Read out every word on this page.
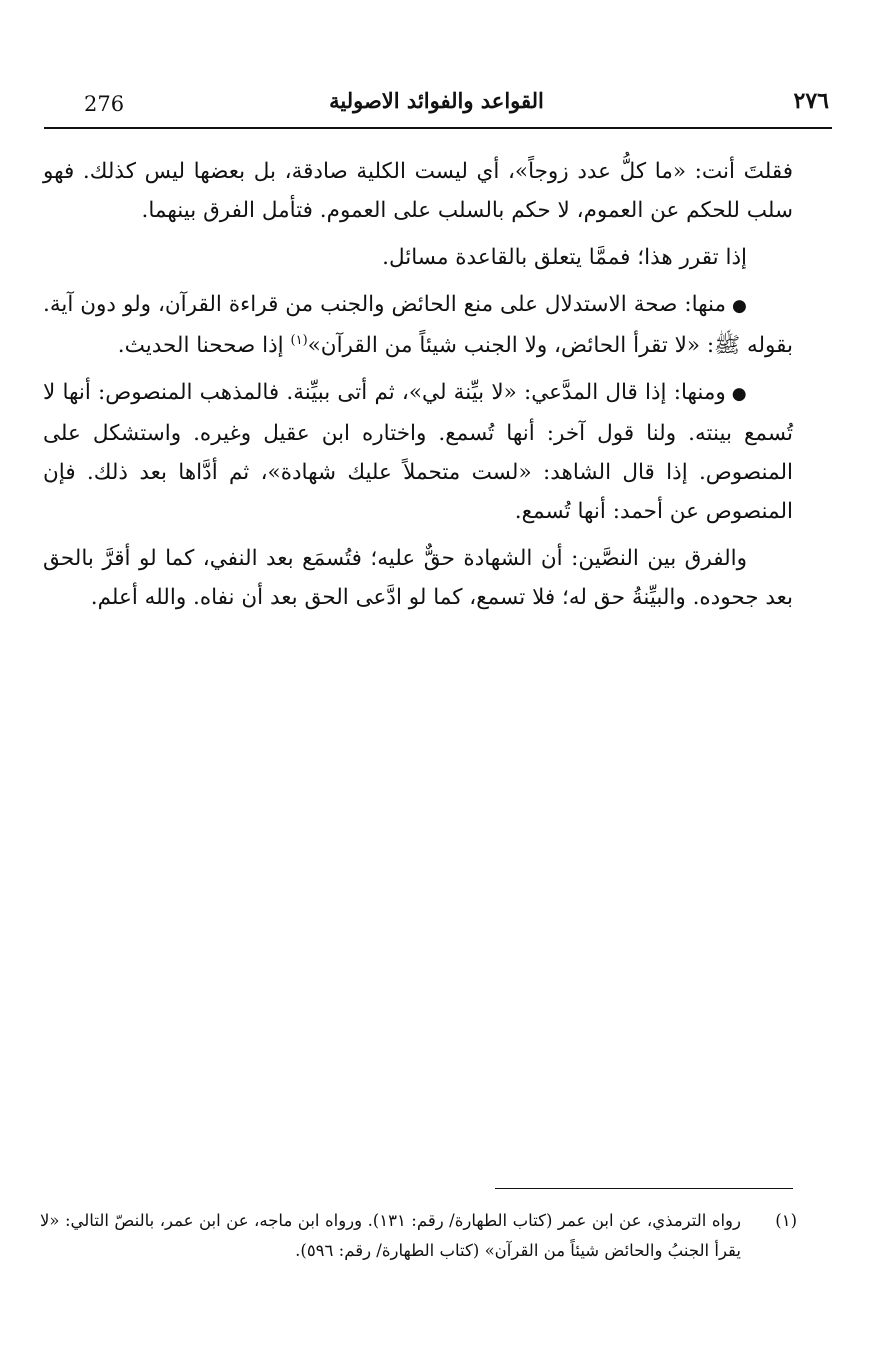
276	القواعد والفوائد الاصولية	٢٧٦

فقلتَ أنت: «ما كلُّ عدد زوجاً»، أي ليست الكلية صادقة، بل بعضها ليس كذلك. فهو سلب للحكم عن العموم، لا حكم بالسلب على العموم. فتأمل الفرق بينهما.

إذا تقرر هذا؛ فممَّا يتعلق بالقاعدة مسائل.

●منها: صحة الاستدلال على منع الحائض والجنب من قراءة القرآن، ولو دون آية. بقوله ﷺ: «لا تقرأ الحائض، ولا الجنب شيئاً من القرآن»$^{(١)}$ إذا صححنا الحديث.

●ومنها: إذا قال المدَّعي: «لا بيِّنة لي»، ثم أتى ببيِّنة. فالمذهب المنصوص: أنها لا تُسمع بينته. ولنا قول آخر: أنها تُسمع. واختاره ابن عقيل وغيره. واستشكل على المنصوص. إذا قال الشاهد: «لست متحملاً عليك شهادة»، ثم أدَّاها بعد ذلك. فإن المنصوص عن أحمد: أنها تُسمع.

والفرق بين النصَّين: أن الشهادة حقٌّ عليه؛ فتُسمَع بعد النفي، كما لو أقرَّ بالحق بعد جحوده. والبيِّنةُ حق له؛ فلا تسمع، كما لو ادَّعى الحق بعد أن نفاه. والله أعلم.

(١)
رواه الترمذي، عن ابن عمر (كتاب الطهارة/ رقم: ١٣١). ورواه ابن ماجه، عن ابن عمر، بالنصّ التالي: «لا يقرأ الجنبُ والحائض شيئاً من القرآن» (كتاب الطهارة/ رقم: ٥٩٦).
